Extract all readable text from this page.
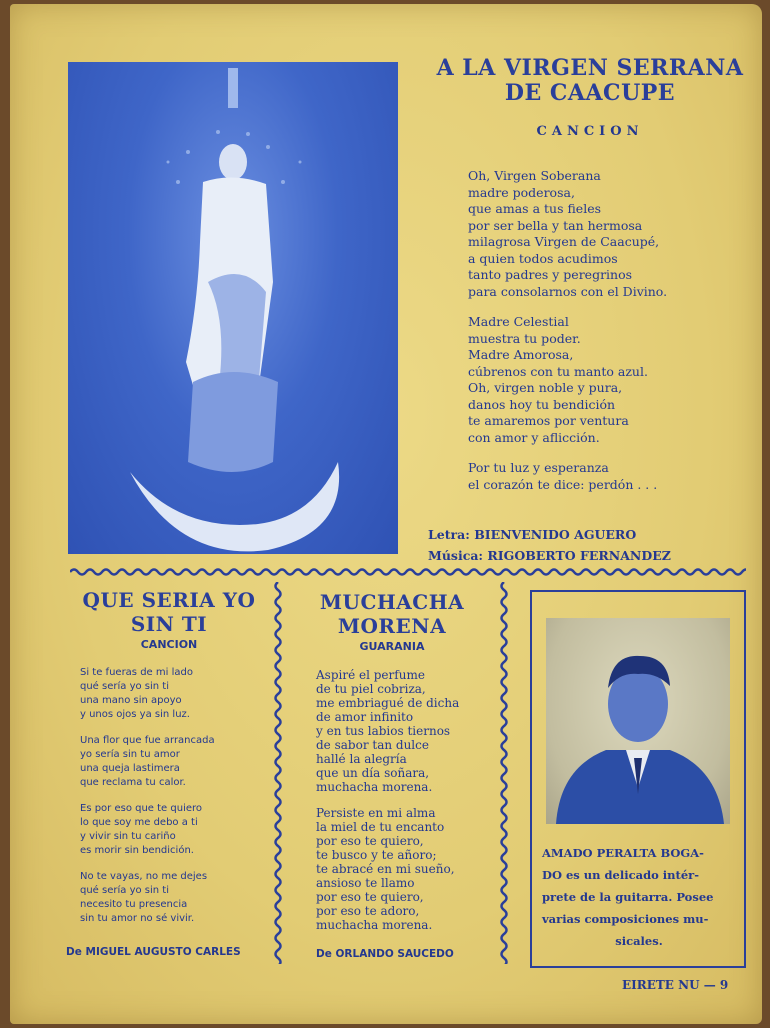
A LA VIRGEN SERRANA
DE CAACUPE
CANCION
Oh, Virgen Soberana
madre poderosa,
que amas a tus fieles
por ser bella y tan hermosa
milagrosa Virgen de Caacupé,
a quien todos acudimos
tanto padres y peregrinos
para consolarnos con el Divino.
Madre Celestial
muestra tu poder.
Madre Amorosa,
cúbrenos con tu manto azul.
Oh, virgen noble y pura,
danos hoy tu bendición
te amaremos por ventura
con amor y aflicción.
Por tu luz y esperanza
el corazón te dice: perdón . . .
Letra: BIENVENIDO AGUERO
Música: RIGOBERTO FERNANDEZ
QUE SERIA YO
SIN TI
CANCION
Si te fueras de mi lado
qué sería yo sin ti
una mano sin apoyo
y unos ojos ya sin luz.
Una flor que fue arrancada
yo sería sin tu amor
una queja lastimera
que reclama tu calor.
Es por eso que te quiero
lo que soy me debo a ti
y vivir sin tu cariño
es morir sin bendición.
No te vayas, no me dejes
qué sería yo sin ti
necesito tu presencia
sin tu amor no sé vivir.
De MIGUEL AUGUSTO CARLES
MUCHACHA
MORENA
GUARANIA
Aspiré el perfume
de tu piel cobriza,
me embriagué de dicha
de amor infinito
y en tus labios tiernos
de sabor tan dulce
hallé la alegría
que un día soñara,
muchacha morena.
Persiste en mi alma
la miel de tu encanto
por eso te quiero,
te busco y te añoro;
te abracé en mi sueño,
ansioso te llamo
por eso te quiero,
por eso te adoro,
muchacha morena.
De ORLANDO SAUCEDO
AMADO PERALTA BOGA-
DO es un delicado intér-
prete de la guitarra. Posee
varias composiciones mu-
sicales.
EIRETE NU — 9
